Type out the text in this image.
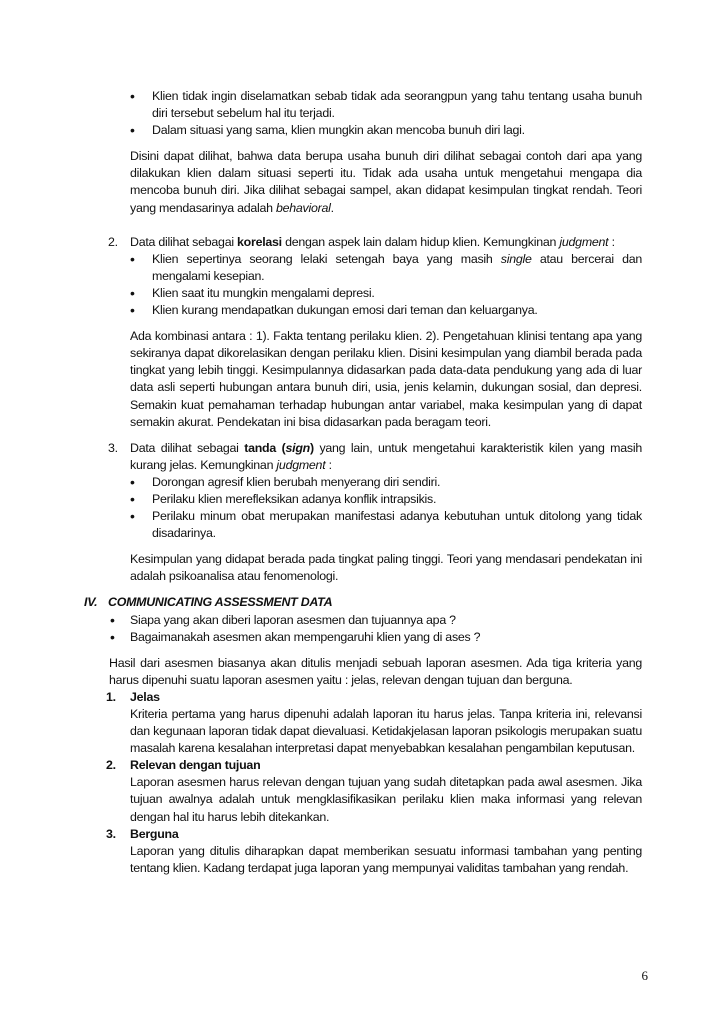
• Klien tidak ingin diselamatkan sebab tidak ada seorangpun yang tahu tentang usaha bunuh diri tersebut sebelum hal itu terjadi.
• Dalam situasi yang sama, klien mungkin akan mencoba bunuh diri lagi.
Disini dapat dilihat, bahwa data berupa usaha bunuh diri dilihat sebagai contoh dari apa yang dilakukan klien dalam situasi seperti itu. Tidak ada usaha untuk mengetahui mengapa dia mencoba bunuh diri. Jika dilihat sebagai sampel, akan didapat kesimpulan tingkat rendah. Teori yang mendasarinya adalah behavioral.
2. Data dilihat sebagai korelasi dengan aspek lain dalam hidup klien. Kemungkinan judgment :
• Klien sepertinya seorang lelaki setengah baya yang masih single atau bercerai dan mengalami kesepian.
• Klien saat itu mungkin mengalami depresi.
• Klien kurang mendapatkan dukungan emosi dari teman dan keluarganya.
Ada kombinasi antara : 1). Fakta tentang perilaku klien. 2). Pengetahuan klinisi tentang apa yang sekiranya dapat dikorelasikan dengan perilaku klien. Disini kesimpulan yang diambil berada pada tingkat yang lebih tinggi. Kesimpulannya didasarkan pada data-data pendukung yang ada di luar data asli seperti hubungan antara bunuh diri, usia, jenis kelamin, dukungan sosial, dan depresi. Semakin kuat pemahaman terhadap hubungan antar variabel, maka kesimpulan yang di dapat semakin akurat. Pendekatan ini bisa didasarkan pada beragam teori.
3. Data dilihat sebagai tanda (sign) yang lain, untuk mengetahui karakteristik kilen yang masih kurang jelas. Kemungkinan judgment :
• Dorongan agresif klien berubah menyerang diri sendiri.
• Perilaku klien merefleksikan adanya konflik intrapsikis.
• Perilaku minum obat merupakan manifestasi adanya kebutuhan untuk ditolong yang tidak disadarinya.
Kesimpulan yang didapat berada pada tingkat paling tinggi. Teori yang mendasari pendekatan ini adalah psikoanalisa atau fenomenologi.
IV. COMMUNICATING ASSESSMENT DATA
• Siapa yang akan diberi laporan asesmen dan tujuannya apa ?
• Bagaimanakah asesmen akan mempengaruhi klien yang di ases ?
Hasil dari asesmen biasanya akan ditulis menjadi sebuah laporan asesmen. Ada tiga kriteria yang harus dipenuhi suatu laporan asesmen yaitu : jelas, relevan dengan tujuan dan berguna.
1. Jelas
Kriteria pertama yang harus dipenuhi adalah laporan itu harus jelas. Tanpa kriteria ini, relevansi dan kegunaan laporan tidak dapat dievaluasi. Ketidakjelasan laporan psikologis merupakan suatu masalah karena kesalahan interpretasi dapat menyebabkan kesalahan pengambilan keputusan.
2. Relevan dengan tujuan
Laporan asesmen harus relevan dengan tujuan yang sudah ditetapkan pada awal asesmen. Jika tujuan awalnya adalah untuk mengklasifikasikan perilaku klien maka informasi yang relevan dengan hal itu harus lebih ditekankan.
3. Berguna
Laporan yang ditulis diharapkan dapat memberikan sesuatu informasi tambahan yang penting tentang klien. Kadang terdapat juga laporan yang mempunyai validitas tambahan yang rendah.
6
